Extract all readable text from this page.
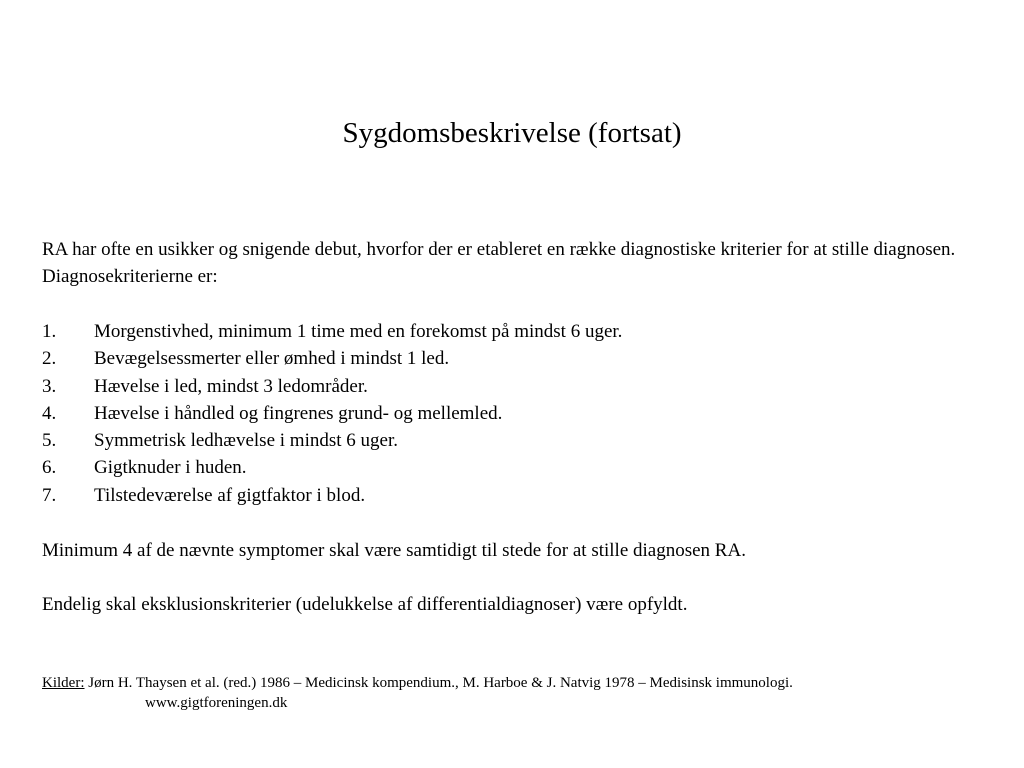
Sygdomsbeskrivelse (fortsat)

RA har ofte en usikker og snigende debut, hvorfor der er etableret en række diagnostiske kriterier for at stille diagnosen. Diagnosekriterierne er:

1.	Morgenstivhed, minimum 1 time med en forekomst på mindst 6 uger.
2.	Bevægelsessmerter eller ømhed i mindst 1 led.
3.	Hævelse i led, mindst 3 ledområder.
4.	Hævelse i håndled og fingrenes grund- og mellemled.
5.	Symmetrisk ledhævelse i mindst 6 uger.
6.	Gigtknuder i huden.
7.	Tilstedeværelse af gigtfaktor i blod.

Minimum 4 af de nævnte symptomer skal være samtidigt til stede for at stille diagnosen RA.

Endelig skal eksklusionskriterier (udelukkelse af differentialdiagnoser) være opfyldt.

Kilder: Jørn H. Thaysen et al. (red.) 1986 – Medicinsk kompendium., M. Harboe & J. Natvig 1978 – Medisinsk immunologi.
www.gigtforeningen.dk
